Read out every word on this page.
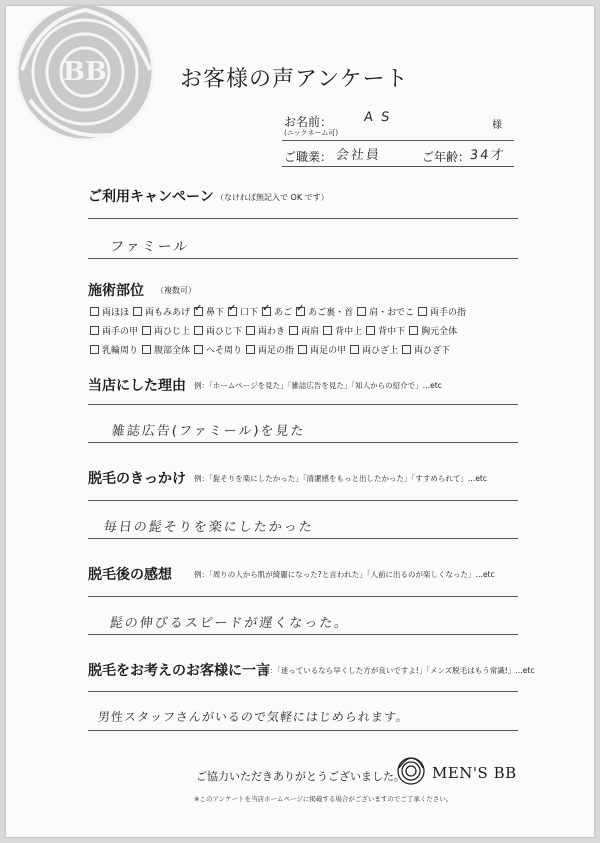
BB	お客様の声アンケート
お名前：
(ニックネーム可)
A S
様
ご職業： 会社員	ご年齢：
34才
ご利用キャンペーン （なければ無記入で OK です）
ファミール
施術部位 （複数可）
両ほほ 両もみあげ ✓ 鼻下 ✓ 口下 ✓ あご ✓ あご裏・首 肩・おでこ 両手の指
両手の甲 両ひじ上 両ひじ下 両わき 両肩 背中上 背中下 胸元全体
乳輪周り 腹部全体 へそ周り 両足の指 両足の甲 両ひざ上 両ひざ下
当店にした理由 例：「ホームページを見た」「雑誌広告を見た」「知人からの紹介で」…etc
雑誌広告(ファミール)を見た
脱毛のきっかけ 例：「髭そりを楽にしたかった」「清潔感をもっと出したかった」「すすめられて」…etc
毎日の髭そりを楽にしたかった
脱毛後の感想	例：「周りの人から肌が綺麗になった?と言われた」「人前に出るのが楽しくなった」…etc
髭の伸びるスピードが遅くなった。
脱毛をお考えのお客様に一言
例：「迷っているなら早くした方が良いですよ!」「メンズ脱毛はもう常識!」…etc
男性スタッフさんがいるので気軽にはじめられます。
ご協力いただきありがとうございました。 MEN'S BB
※このアンケートを当店ホームページに掲載する場合がございますのでご了承ください。
